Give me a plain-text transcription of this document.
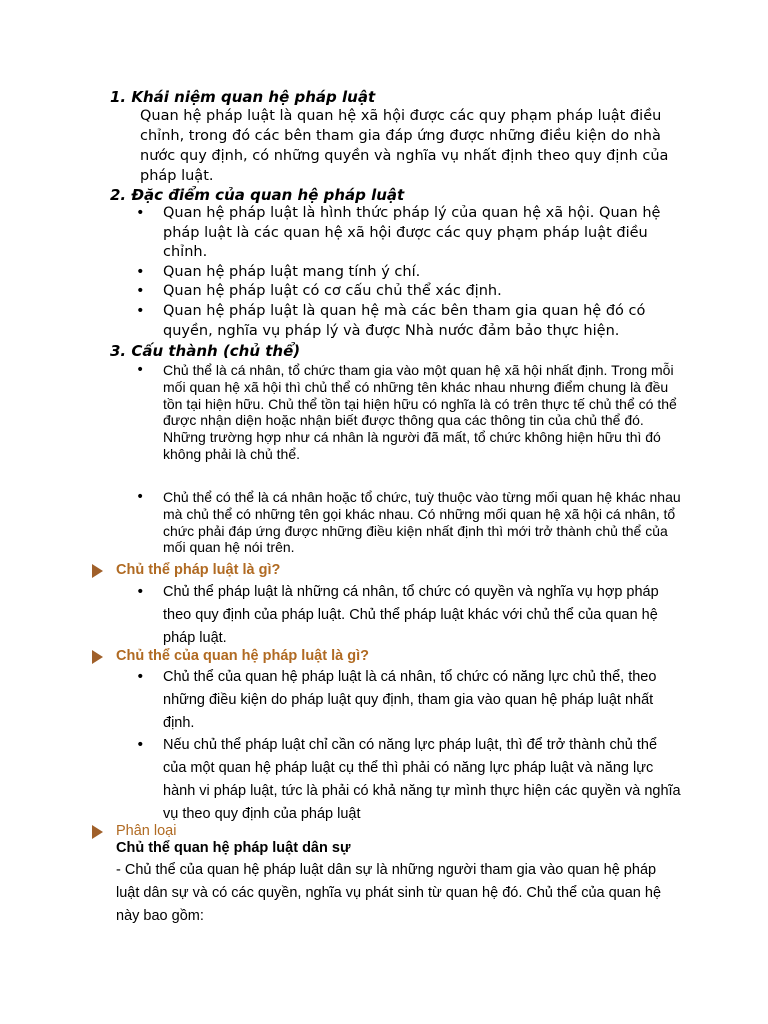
1. Khái niệm quan hệ pháp luật
Quan hệ pháp luật là quan hệ xã hội được các quy phạm pháp luật điều chỉnh, trong đó các bên tham gia đáp ứng được những điều kiện do nhà nước quy định, có những quyền và nghĩa vụ nhất định theo quy định của pháp luật.
2. Đặc điểm của quan hệ pháp luật
• Quan hệ pháp luật là hình thức pháp lý của quan hệ xã hội. Quan hệ pháp luật là các quan hệ xã hội được các quy phạm pháp luật điều chỉnh.
• Quan hệ pháp luật mang tính ý chí.
• Quan hệ pháp luật có cơ cấu chủ thể xác định.
• Quan hệ pháp luật là quan hệ mà các bên tham gia quan hệ đó có quyền, nghĩa vụ pháp lý và được Nhà nước đảm bảo thực hiện.
3. Cấu thành (chủ thể)
• Chủ thể là cá nhân, tổ chức tham gia vào một quan hệ xã hội nhất định. Trong mỗi mối quan hệ xã hội thì chủ thể có những tên khác nhau nhưng điểm chung là đều tồn tại hiện hữu. Chủ thể tồn tại hiện hữu có nghĩa là có trên thực tế chủ thể có thể được nhận diện hoặc nhận biết được thông qua các thông tin của chủ thể đó. Những trường hợp như cá nhân là người đã mất, tổ chức không hiện hữu thì đó không phải là chủ thể.
• Chủ thể có thể là cá nhân hoặc tổ chức, tuỳ thuộc vào từng mối quan hệ khác nhau mà chủ thể có những tên gọi khác nhau. Có những mối quan hệ xã hội cá nhân, tổ chức phải đáp ứng được những điều kiện nhất định thì mới trở thành chủ thể của mối quan hệ nói trên.
Chủ thể pháp luật là gì?
• Chủ thể pháp luật là những cá nhân, tổ chức có quyền và nghĩa vụ hợp pháp theo quy định của pháp luật. Chủ thể pháp luật khác với chủ thể của quan hệ pháp luật.
Chủ thể của quan hệ pháp luật là gì?
• Chủ thể của quan hệ pháp luật là cá nhân, tổ chức có năng lực chủ thể, theo những điều kiện do pháp luật quy định, tham gia vào quan hệ pháp luật nhất định.
• Nếu chủ thể pháp luật chỉ cần có năng lực pháp luật, thì để trở thành chủ thể của một quan hệ pháp luật cụ thể thì phải có năng lực pháp luật và năng lực hành vi pháp luật, tức là phải có khả năng tự mình thực hiện các quyền và nghĩa vụ theo quy định của pháp luật
Phân loại
Chủ thể quan hệ pháp luật dân sự
- Chủ thể của quan hệ pháp luật dân sự là những người tham gia vào quan hệ pháp luật dân sự và có các quyền, nghĩa vụ phát sinh từ quan hệ đó. Chủ thể của quan hệ này bao gồm:
